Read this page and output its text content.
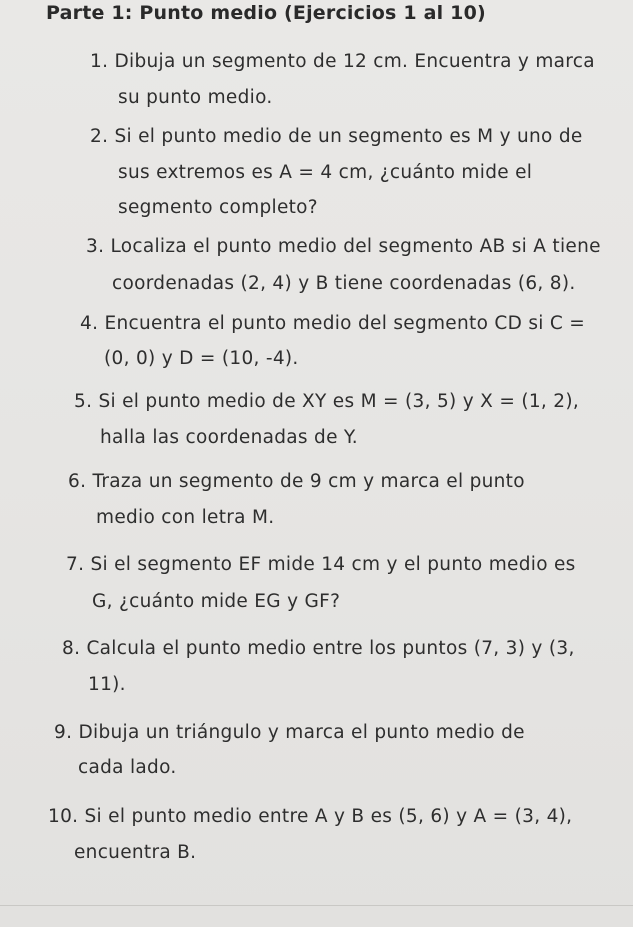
Parte 1: Punto medio (Ejercicios 1 al 10)
1. Dibuja un segmento de 12 cm. Encuentra y marca
su punto medio.
2. Si el punto medio de un segmento es M y uno de
sus extremos es A = 4 cm, ¿cuánto mide el
segmento completo?
3. Localiza el punto medio del segmento AB si A tiene
coordenadas (2, 4) y B tiene coordenadas (6, 8).
4. Encuentra el punto medio del segmento CD si C =
(0, 0) y D = (10, -4).
5. Si el punto medio de XY es M = (3, 5) y X = (1, 2),
halla las coordenadas de Y.
6. Traza un segmento de 9 cm y marca el punto
medio con letra M.
7. Si el segmento EF mide 14 cm y el punto medio es
G, ¿cuánto mide EG y GF?
8. Calcula el punto medio entre los puntos (7, 3) y (3,
11).
9. Dibuja un triángulo y marca el punto medio de
cada lado.
10. Si el punto medio entre A y B es (5, 6) y A = (3, 4),
encuentra B.
